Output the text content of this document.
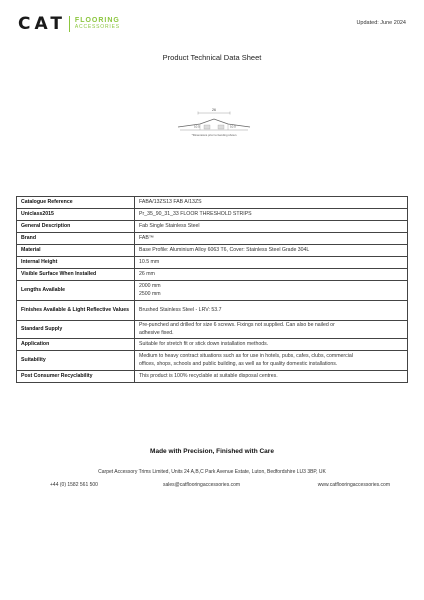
CAT FLOORING
ACCESSORIES
Updated: June 2024
Product Technical Data Sheet
26
10.5	10.5
*Dimensions prior to bending shown
Catalogue Reference	FABA/13ZS13 FAB A/13ZS

Uniclass2015	Pr_35_90_31_33 FLOOR THRESHOLD STRIPS

General Description	Fab Single Stainless Steel

Brand	FAB™

Material	Base Profile: Aluminium Alloy 6063 T6, Cover: Stainless Steel Grade 304L

Internal Height	10.5 mm

Visible Surface When Installed	26 mm

Lengths Available	2000 mm
2500 mm

Finishes Available & Light Reflective Values	Brushed Stainless Steel - LRV: 53.7

Standard Supply	Pre-punched and drilled for size 6 screws. Fixings not supplied. Can also be nailed or
adhesive fixed.

Application	Suitable for stretch fit or stick down installation methods.

Suitability	Medium to heavy contract situations such as for use in hotels, pubs, cafes, clubs, commercial
offices, shops, schools and public building, as well as for quality domestic installations.

Post Consumer Recyclability	This product is 100% recyclable at suitable disposal centres.
Made with Precision, Finished with Care
Carpet Accessory Trims Limited, Units 24 A,B,C Park Avenue Estate, Luton, Bedfordshire LU3 3BP, UK
+44 (0) 1582 561 500	sales@catflooringaccessories.com	www.catflooringaccessories.com
